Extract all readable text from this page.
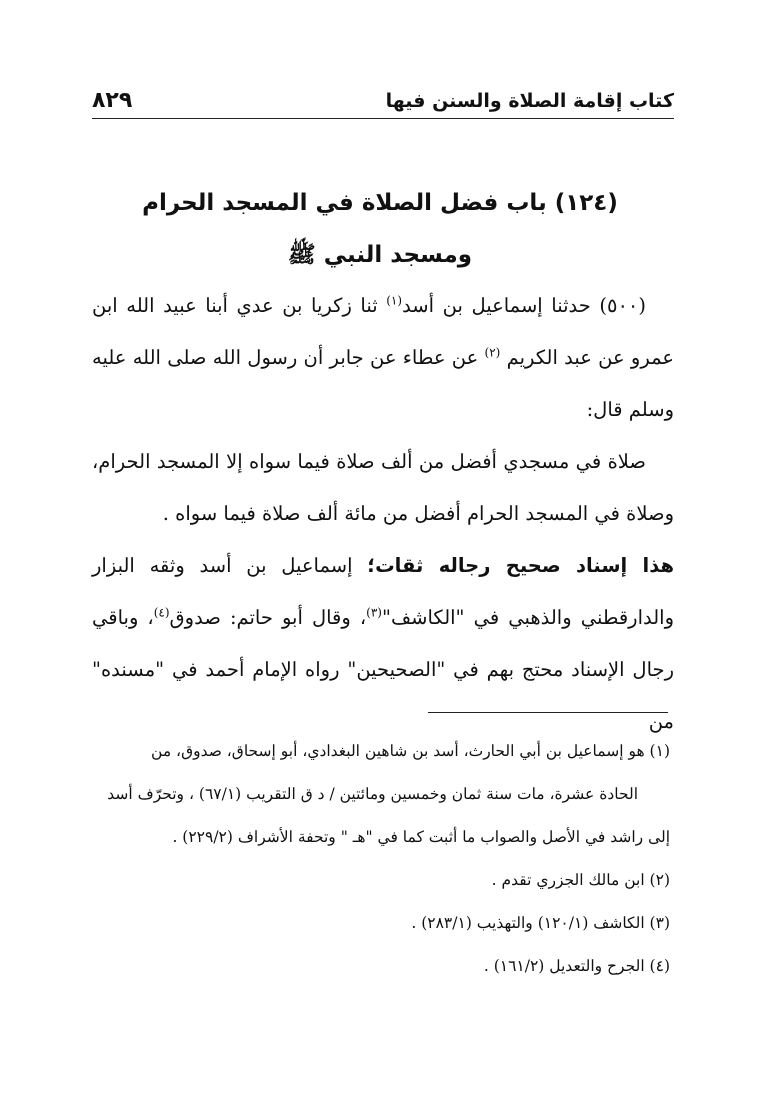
كتاب إقامة الصلاة والسنن فيها
٨٢٩
(١٢٤) باب فضل الصلاة في المسجد الحرام
ومسجد النبي ﷺ
(٥٠٠) حدثنا إسماعيل بن أسد$^{(١)}$ ثنا زكريا بن عدي أبنا عبيد الله ابن عمرو عن عبد الكريم $^{(٢)}$ عن عطاء عن جابر أن رسول الله صلى الله عليه وسلم قال:
صلاة في مسجدي أفضل من ألف صلاة فيما سواه إلا المسجد الحرام، وصلاة في المسجد الحرام أفضل من مائة ألف صلاة فيما سواه .
هذا إسناد صحيح رجاله ثقات؛ إسماعيل بن أسد وثقه البزار والدارقطني والذهبي في "الكاشف"$^{(٣)}$، وقال أبو حاتم: صدوق$^{(٤)}$، وباقي رجال الإسناد محتج بهم في "الصحيحين" رواه الإمام أحمد في "مسنده" من

(١) هو إسماعيل بن أبي الحارث، أسد بن شاهين البغدادي، أبو إسحاق، صدوق، من
الحادة عشرة، مات سنة ثمان وخمسين ومائتين / د ق التقريب (٦٧/١) ، وتحرّف أسد إلى راشد في الأصل والصواب ما أثبت كما في "هـ " وتحفة الأشراف (٢٢٩/٢) .

(٢) ابن مالك الجزري تقدم .

(٣) الكاشف (١٢٠/١) والتهذيب (٢٨٣/١) .

(٤) الجرح والتعديل (١٦١/٢) .
